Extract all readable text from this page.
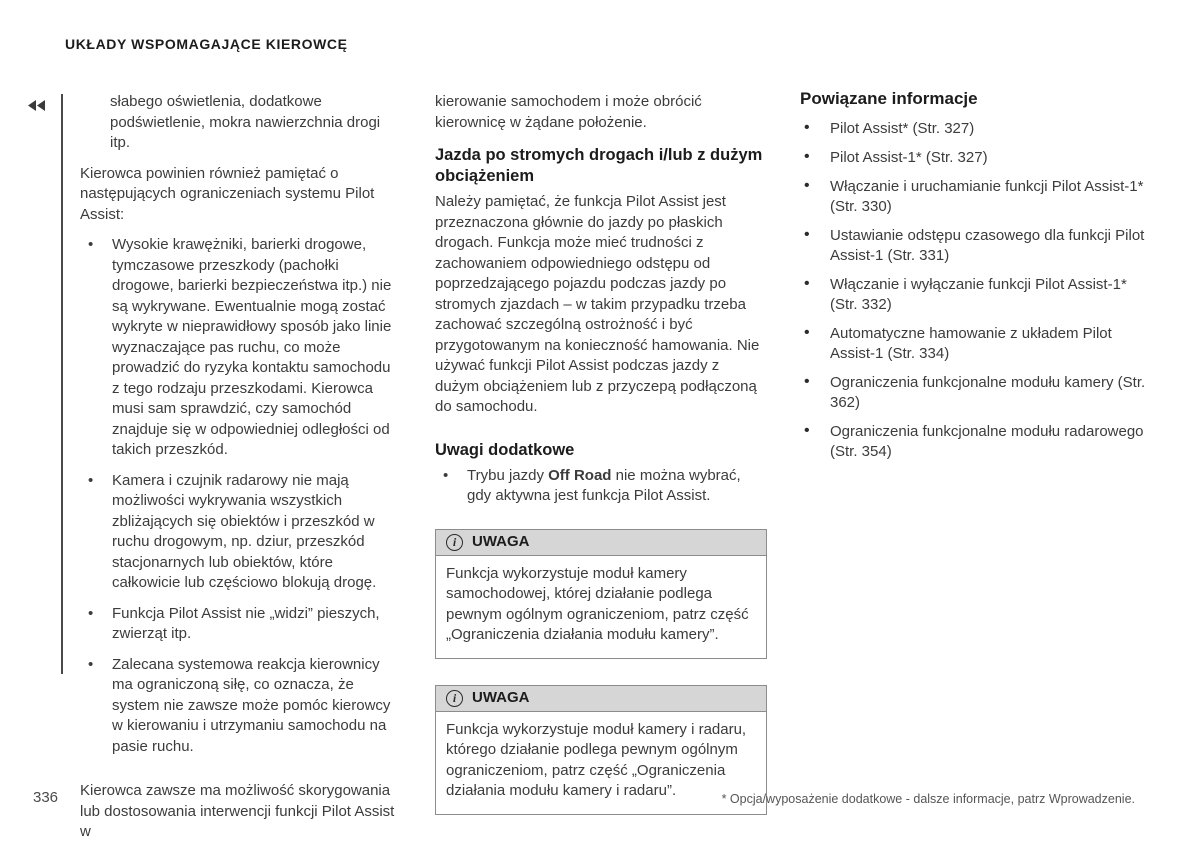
UKŁADY WSPOMAGAJĄCE KIEROWCĘ

słabego oświetlenia, dodatkowe podświetlenie, mokra nawierzchnia drogi itp.

Kierowca powinien również pamiętać o następujących ograniczeniach systemu Pilot Assist:

• Wysokie krawężniki, barierki drogowe, tymczasowe przeszkody (pachołki drogowe, barierki bezpieczeństwa itp.) nie są wykrywane. Ewentualnie mogą zostać wykryte w nieprawidłowy sposób jako linie wyznaczające pas ruchu, co może prowadzić do ryzyka kontaktu samochodu z tego rodzaju przeszkodami. Kierowca musi sam sprawdzić, czy samochód znajduje się w odpowiedniej odległości od takich przeszkód.
• Kamera i czujnik radarowy nie mają możliwości wykrywania wszystkich zbliżających się obiektów i przeszkód w ruchu drogowym, np. dziur, przeszkód stacjonarnych lub obiektów, które całkowicie lub częściowo blokują drogę.
• Funkcja Pilot Assist nie „widzi” pieszych, zwierząt itp.
• Zalecana systemowa reakcja kierownicy ma ograniczoną siłę, co oznacza, że system nie zawsze może pomóc kierowcy w kierowaniu i utrzymaniu samochodu na pasie ruchu.

Kierowca zawsze ma możliwość skorygowania lub dostosowania interwencji funkcji Pilot Assist w

kierowanie samochodem i może obrócić kierownicę w żądane położenie.

Jazda po stromych drogach i/lub z dużym obciążeniem

Należy pamiętać, że funkcja Pilot Assist jest przeznaczona głównie do jazdy po płaskich drogach. Funkcja może mieć trudności z zachowaniem odpowiedniego odstępu od poprzedzającego pojazdu podczas jazdy po stromych zjazdach – w takim przypadku trzeba zachować szczególną ostrożność i być przygotowanym na konieczność hamowania. Nie używać funkcji Pilot Assist podczas jazdy z dużym obciążeniem lub z przyczepą podłączoną do samochodu.

Uwagi dodatkowe
• Trybu jazdy Off Road nie można wybrać, gdy aktywna jest funkcja Pilot Assist.
i	UWAGA
Funkcja wykorzystuje moduł kamery samochodowej, której działanie podlega pewnym ogólnym ograniczeniom, patrz część „Ograniczenia działania modułu kamery”.
i	UWAGA
Funkcja wykorzystuje moduł kamery i radaru, którego działanie podlega pewnym ogólnym ograniczeniom, patrz część „Ograniczenia działania modułu kamery i radaru”.
Powiązane informacje
• Pilot Assist* (Str. 327)
• Pilot Assist-1* (Str. 327)
• Włączanie i uruchamianie funkcji Pilot Assist-1* (Str. 330)
• Ustawianie odstępu czasowego dla funkcji Pilot Assist-1 (Str. 331)
• Włączanie i wyłączanie funkcji Pilot Assist-1* (Str. 332)
• Automatyczne hamowanie z układem Pilot Assist-1 (Str. 334)
• Ograniczenia funkcjonalne modułu kamery (Str. 362)
• Ograniczenia funkcjonalne modułu radarowego (Str. 354)
336	* Opcja/wyposażenie dodatkowe - dalsze informacje, patrz Wprowadzenie.
